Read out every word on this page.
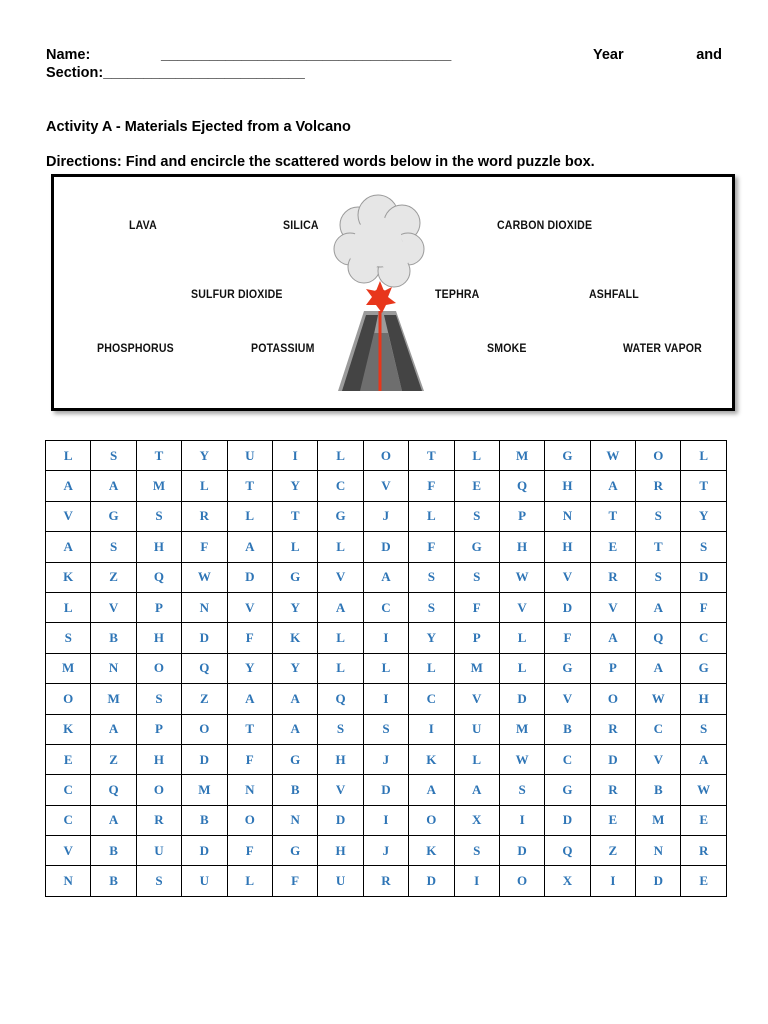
Name:	____________________________________	Year	and
Section:_________________________
Activity A - Materials Ejected from a Volcano
Directions: Find and encircle the scattered words below in the word puzzle box.
LAVA	SILICA	CARBON DIOXIDE
SULFUR DIOXIDE	TEPHRA	ASHFALL
PHOSPHORUS	POTASSIUM	SMOKE	WATER VAPOR
L	S	T	Y	U	I	L	O	T	L	M	G	W	O	L
A	A	M	L	T	Y	C	V	F	E	Q	H	A	R	T
V	G	S	R	L	T	G	J	L	S	P	N	T	S	Y
A	S	H	F	A	L	L	D	F	G	H	H	E	T	S
K	Z	Q	W	D	G	V	A	S	S	W	V	R	S	D
L	V	P	N	V	Y	A	C	S	F	V	D	V	A	F
S	B	H	D	F	K	L	I	Y	P	L	F	A	Q	C
M	N	O	Q	Y	Y	L	L	L	M	L	G	P	A	G
O	M	S	Z	A	A	Q	I	C	V	D	V	O	W	H
K	A	P	O	T	A	S	S	I	U	M	B	R	C	S
E	Z	H	D	F	G	H	J	K	L	W	C	D	V	A
C	Q	O	M	N	B	V	D	A	A	S	G	R	B	W
C	A	R	B	O	N	D	I	O	X	I	D	E	M	E
V	B	U	D	F	G	H	J	K	S	D	Q	Z	N	R
N	B	S	U	L	F	U	R	D	I	O	X	I	D	E
